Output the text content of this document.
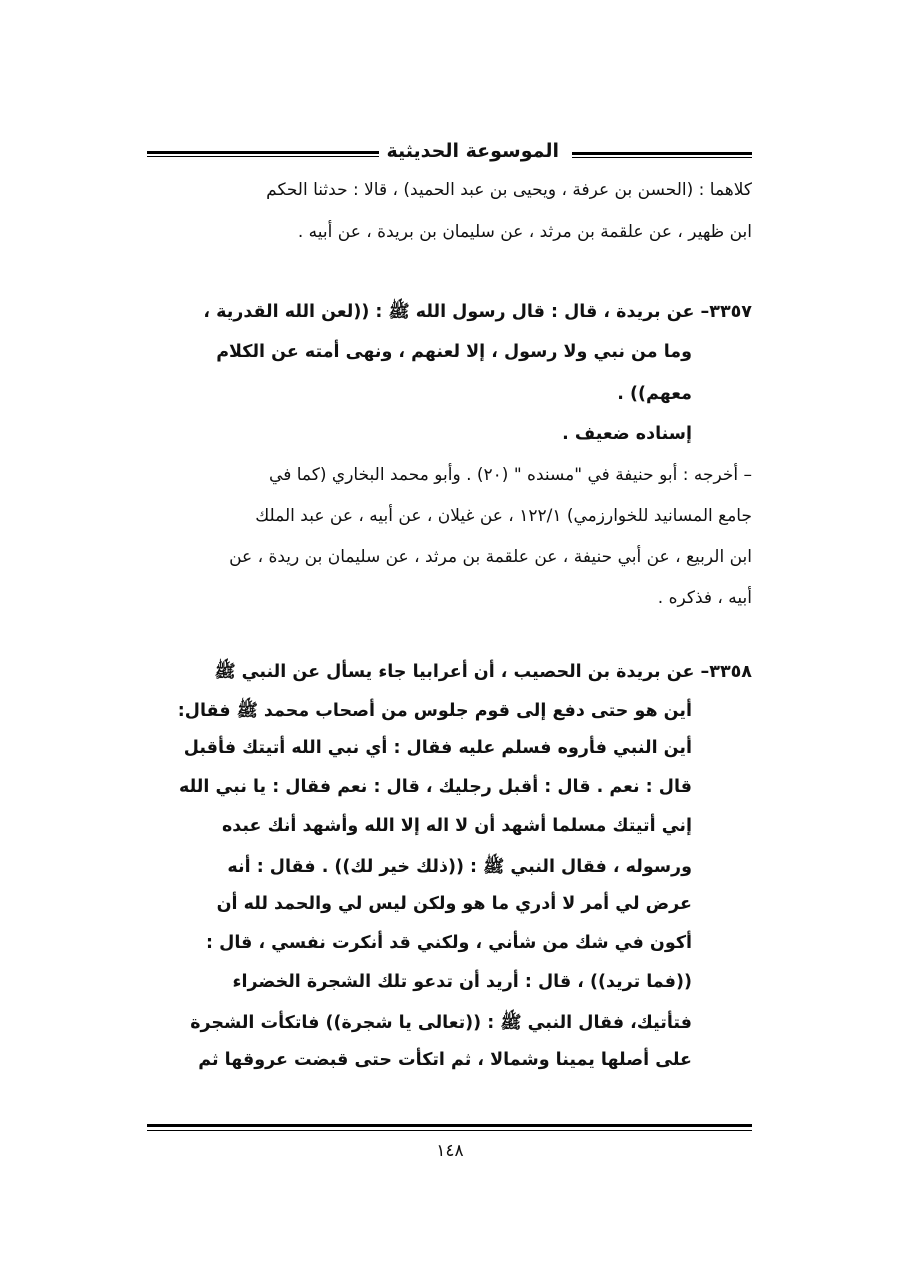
الموسوعة الحديثية
كلاهما : (الحسن بن عرفة ، ويحيى بن عبد الحميد) ، قالا : حدثنا الحكم
ابن ظهير ، عن علقمة بن مرثد ، عن سليمان بن بريدة ، عن أبيه .
٣٣٥٧– عن بريدة ، قال : قال رسول الله ﷺ : ((لعن الله القدرية ،
وما من نبي ولا رسول ، إلا لعنهم ، ونهى أمته عن الكلام
معهم)) .
إسناده ضعيف .
– أخرجه : أبو حنيفة في "مسنده " (٢٠) . وأبو محمد البخاري (كما في
جامع المسانيد للخوارزمي) ١٢٢/١ ، عن غيلان ، عن أبيه ، عن عبد الملك
ابن الربيع ، عن أبي حنيفة ، عن علقمة بن مرثد ، عن سليمان بن ريدة ، عن
أبيه ، فذكره .
٣٣٥٨– عن بريدة بن الحصيب ، أن أعرابيا جاء يسأل عن النبي ﷺ
أين هو حتى دفع إلى قوم جلوس من أصحاب محمد ﷺ فقال:
أين النبي فأروه فسلم عليه فقال : أي نبي الله أتيتك فأقبل
قال : نعم . قال : أقبل رجليك ، قال : نعم فقال : يا نبي الله
إني أتيتك مسلما أشهد أن لا اله إلا الله وأشهد أنك عبده
ورسوله ، فقال النبي ﷺ : ((ذلك خير لك)) . فقال : أنه
عرض لي أمر لا أدري ما هو ولكن ليس لي والحمد لله أن
أكون في شك من شأني ، ولكني قد أنكرت نفسي ، قال :
((فما تريد)) ، قال : أريد أن تدعو تلك الشجرة الخضراء
فتأتيك، فقال النبي ﷺ : ((تعالى يا شجرة)) فاتكأت الشجرة
على أصلها يمينا وشمالا ، ثم اتكأت حتى قبضت عروقها ثم
١٤٨
